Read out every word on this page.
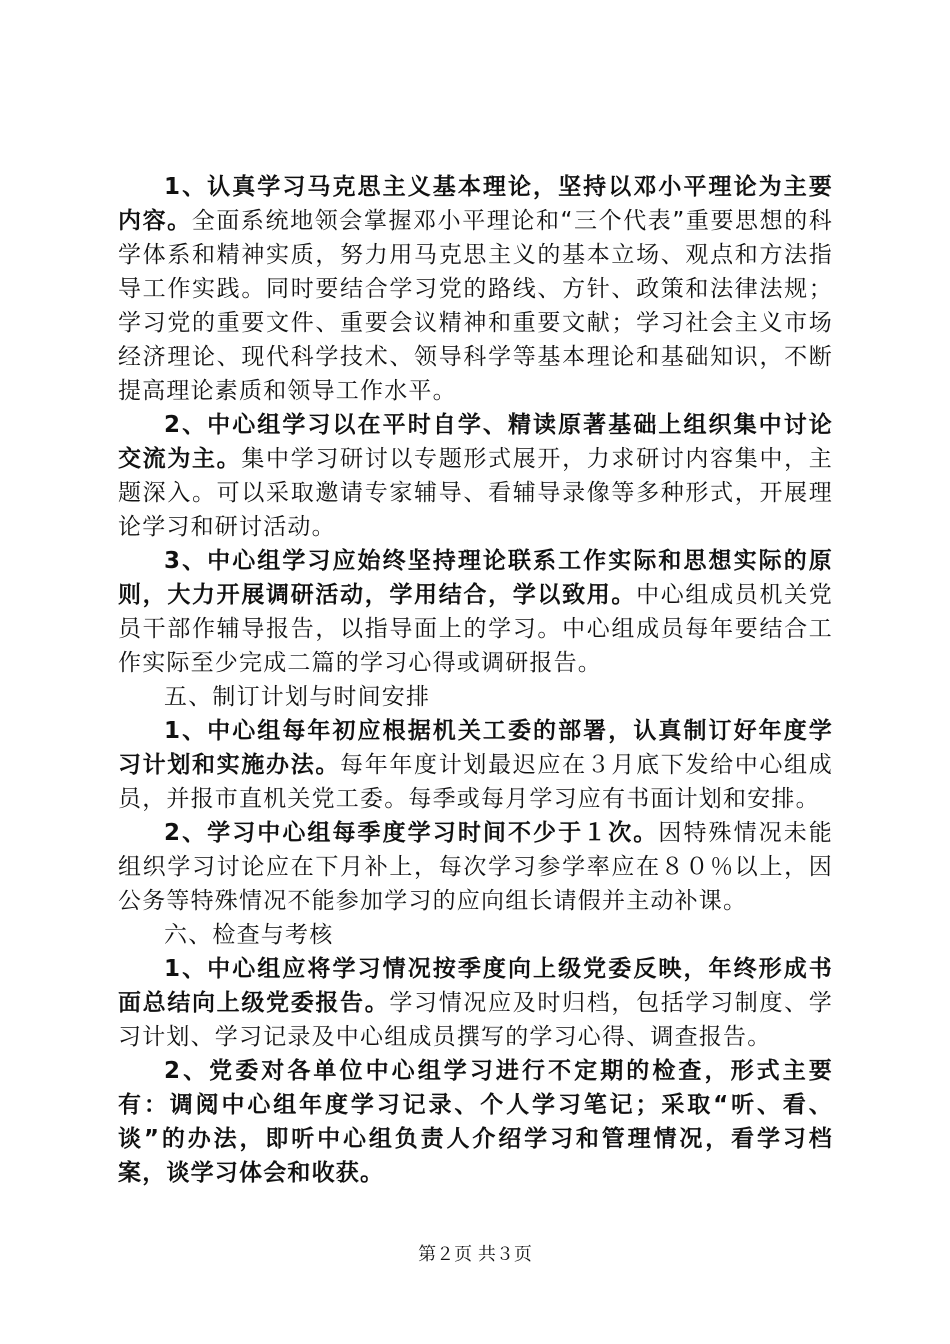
1、认真学习马克思主义基本理论，坚持以邓小平理论为主要内容。全面系统地领会掌握邓小平理论和“三个代表”重要思想的科学体系和精神实质，努力用马克思主义的基本立场、观点和方法指导工作实践。同时要结合学习党的路线、方针、政策和法律法规；学习党的重要文件、重要会议精神和重要文献；学习社会主义市场经济理论、现代科学技术、领导科学等基本理论和基础知识，不断提高理论素质和领导工作水平。

2、中心组学习以在平时自学、精读原著基础上组织集中讨论交流为主。集中学习研讨以专题形式展开，力求研讨内容集中，主题深入。可以采取邀请专家辅导、看辅导录像等多种形式，开展理论学习和研讨活动。

3、中心组学习应始终坚持理论联系工作实际和思想实际的原则，大力开展调研活动，学用结合，学以致用。中心组成员机关党员干部作辅导报告，以指导面上的学习。中心组成员每年要结合工作实际至少完成二篇的学习心得或调研报告。

五、制订计划与时间安排

1、中心组每年初应根据机关工委的部署，认真制订好年度学习计划和实施办法。每年年度计划最迟应在３月底下发给中心组成员，并报市直机关党工委。每季或每月学习应有书面计划和安排。

2、学习中心组每季度学习时间不少于１次。因特殊情况未能组织学习讨论应在下月补上，每次学习参学率应在８０％以上，因公务等特殊情况不能参加学习的应向组长请假并主动补课。

六、检查与考核

1、中心组应将学习情况按季度向上级党委反映，年终形成书面总结向上级党委报告。学习情况应及时归档，包括学习制度、学习计划、学习记录及中心组成员撰写的学习心得、调查报告。

2、党委对各单位中心组学习进行不定期的检查，形式主要有：调阅中心组年度学习记录、个人学习笔记；采取“听、看、谈”的办法，即听中心组负责人介绍学习和管理情况，看学习档案，谈学习体会和收获。

第２页 共３页
